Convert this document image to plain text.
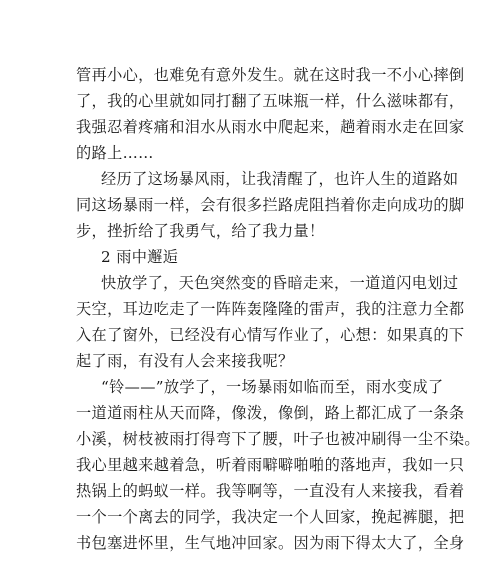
管再小心，也难免有意外发生。就在这时我一不小心摔倒
了，我的心里就如同打翻了五味瓶一样，什么滋味都有，
我强忍着疼痛和泪水从雨水中爬起来，趟着雨水走在回家
的路上……
经历了这场暴风雨，让我清醒了，也许人生的道路如
同这场暴雨一样，会有很多拦路虎阻挡着你走向成功的脚
步，挫折给了我勇气，给了我力量！
2 雨中邂逅
快放学了，天色突然变的昏暗走来，一道道闪电划过
天空，耳边吃走了一阵阵轰隆隆的雷声，我的注意力全都
入在了窗外，已经没有心情写作业了，心想：如果真的下
起了雨，有没有人会来接我呢？
“铃——”放学了，一场暴雨如临而至，雨水变成了
一道道雨柱从天而降，像泼，像倒，路上都汇成了一条条
小溪，树枝被雨打得弯下了腰，叶子也被冲刷得一尘不染。
我心里越来越着急，听着雨噼噼啪啪的落地声，我如一只
热锅上的蚂蚁一样。我等啊等，一直没有人来接我，看着
一个一个离去的同学，我决定一个人回家，挽起裤腿，把
书包塞进怀里，生气地冲回家。因为雨下得太大了，全身
